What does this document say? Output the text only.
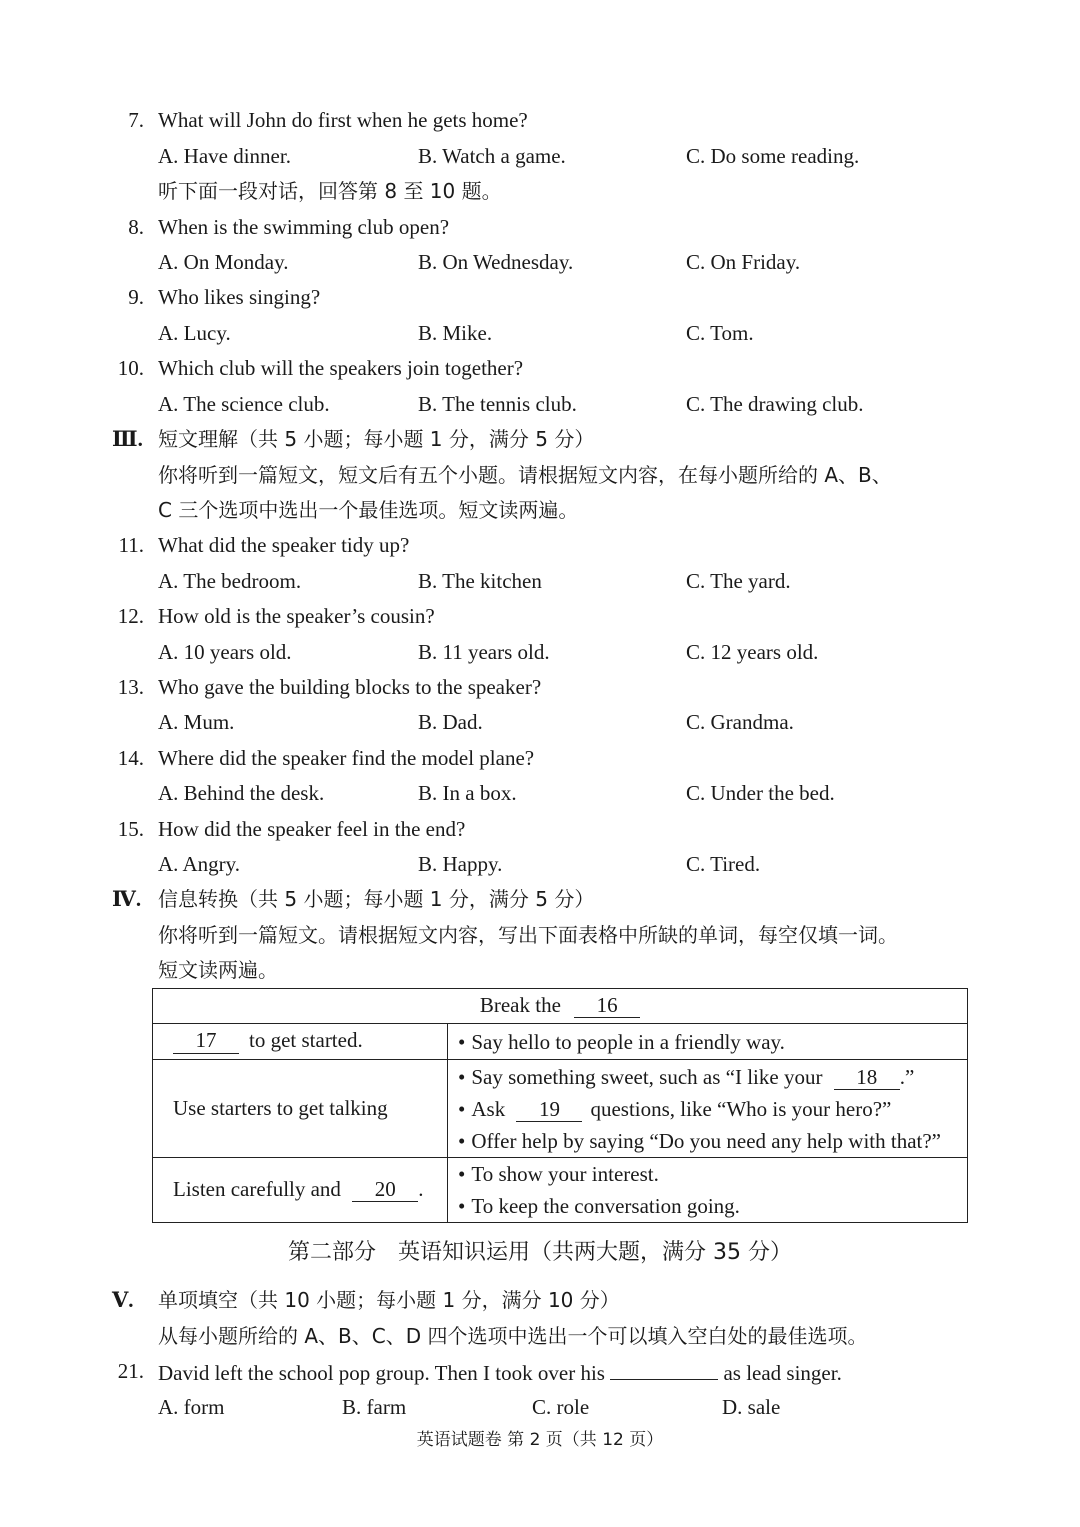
7. What will John do first when he gets home?
A. Have dinner.	B. Watch a game.	C. Do some reading.
听下面一段对话，回答第 8 至 10 题。
8. When is the swimming club open?
A. On Monday.	B. On Wednesday.	C. On Friday.
9. Who likes singing?
A. Lucy.	B. Mike.	C. Tom.
10. Which club will the speakers join together?
A. The science club.	B. The tennis club.	C. The drawing club.
Ⅲ. 短文理解（共 5 小题；每小题 1 分，满分 5 分）
你将听到一篇短文，短文后有五个小题。请根据短文内容，在每小题所给的 A、B、
C 三个选项中选出一个最佳选项。短文读两遍。
11. What did the speaker tidy up?
A. The bedroom.	B. The kitchen	C. The yard.
12. How old is the speaker’s cousin?
A. 10 years old.	B. 11 years old.	C. 12 years old.
13. Who gave the building blocks to the speaker?
A. Mum.	B. Dad.	C. Grandma.
14. Where did the speaker find the model plane?
A. Behind the desk.	B. In a box.	C. Under the bed.
15. How did the speaker feel in the end?
A. Angry.	B. Happy.	C. Tired.
Ⅳ. 信息转换（共 5 小题；每小题 1 分，满分 5 分）
你将听到一篇短文。请根据短文内容，写出下面表格中所缺的单词，每空仅填一词。
短文读两遍。
Break the 16	
17 to get started.	• Say hello to people in a friendly way.

Use starters to get talking	• Say something sweet, such as “I like your 18 .”
• Ask 19 questions, like “Who is your hero?”
• Offer help by saying “Do you need any help with that?”

Listen carefully and 20 .	• To show your interest.
• To keep the conversation going.
第二部分　英语知识运用（共两大题，满分 35 分）
Ⅴ. 单项填空（共 10 小题；每小题 1 分，满分 10 分）
从每小题所给的 A、B、C、D 四个选项中选出一个可以填入空白处的最佳选项。
21. David left the school pop group. Then I took over his	as lead singer.
A. form	B. farm	C. role	D. sale
英语试题卷 第 2 页（共 12 页）
